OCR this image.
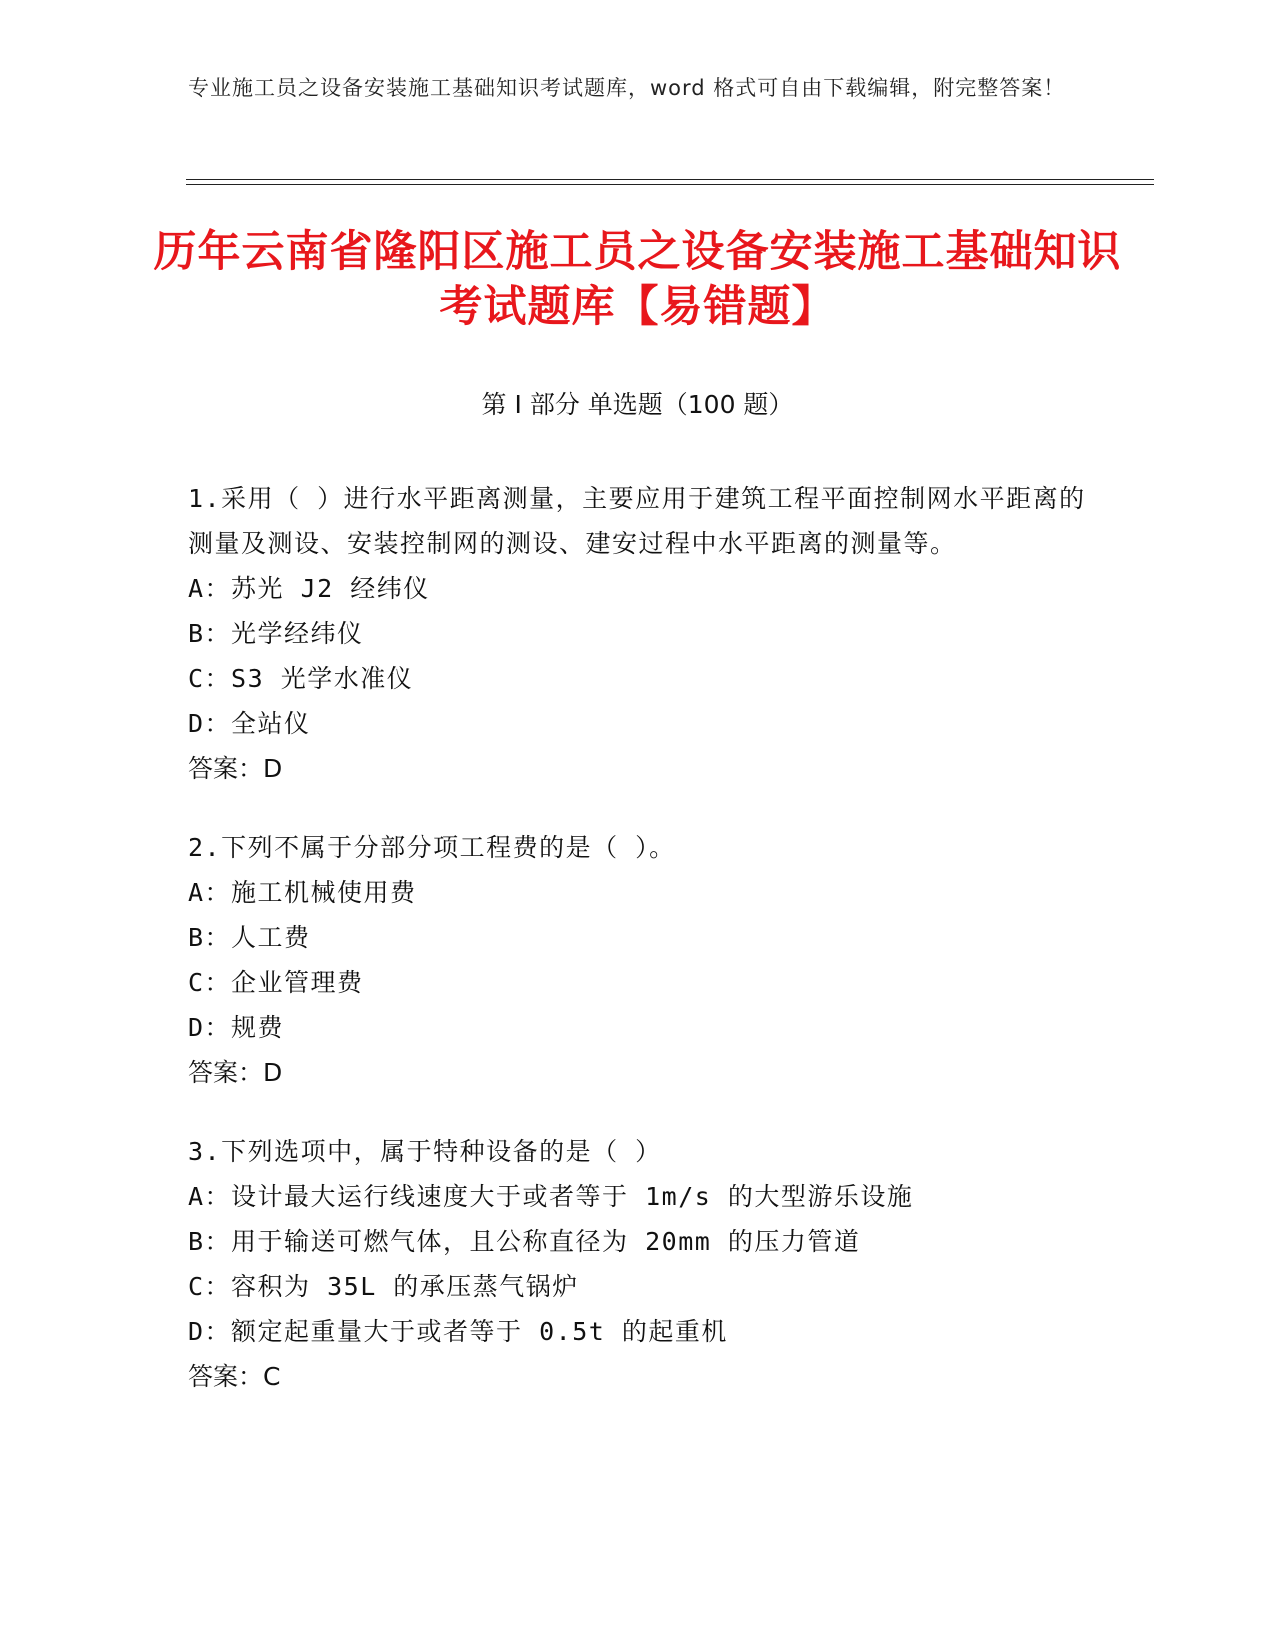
专业施工员之设备安装施工基础知识考试题库，word 格式可自由下载编辑，附完整答案！
历年云南省隆阳区施工员之设备安装施工基础知识考试题库【易错题】
第 I 部分 单选题（100 题）

1.采用（ ）进行水平距离测量，主要应用于建筑工程平面控制网水平距离的测量及测设、安装控制网的测设、建安过程中水平距离的测量等。

A：苏光 J2 经纬仪

B：光学经纬仪

C：S3 光学水准仪

D：全站仪

答案：D

2.下列不属于分部分项工程费的是（ ）。

A：施工机械使用费

B：人工费

C：企业管理费

D：规费

答案：D

3.下列选项中，属于特种设备的是（ ）

A：设计最大运行线速度大于或者等于 1m/s 的大型游乐设施

B：用于输送可燃气体，且公称直径为 20mm 的压力管道

C：容积为 35L 的承压蒸气锅炉

D：额定起重量大于或者等于 0.5t 的起重机

答案：C
